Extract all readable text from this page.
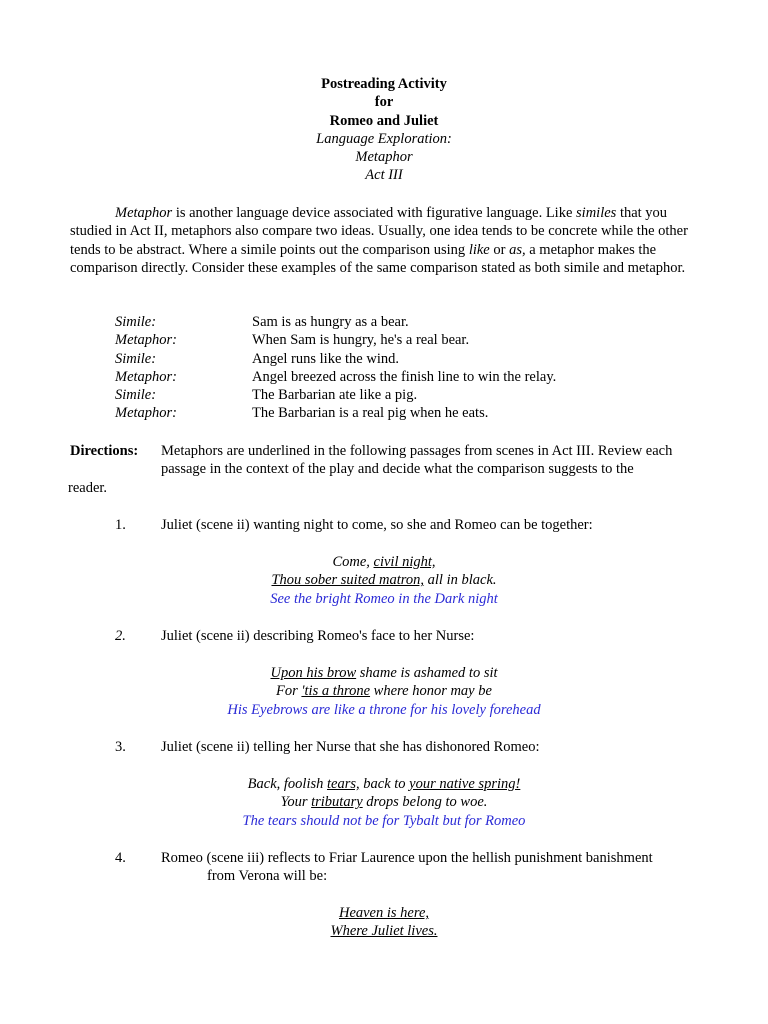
Postreading Activity
for
Romeo and Juliet
Language Exploration:
Metaphor
Act III

Metaphor is another language device associated with figurative language. Like similes that you studied in Act II, metaphors also compare two ideas. Usually, one idea tends to be concrete while the other tends to be abstract. Where a simile points out the comparison using like or as, a metaphor makes the comparison directly. Consider these examples of the same comparison stated as both simile and metaphor.

Simile:	Sam is as hungry as a bear.
Metaphor:	When Sam is hungry, he's a real bear.
Simile:	Angel runs like the wind.
Metaphor:	Angel breezed across the finish line to win the relay.
Simile:	The Barbarian ate like a pig.
Metaphor:	The Barbarian is a real pig when he eats.
Directions:	Metaphors are underlined in the following passages from scenes in Act III. Review each
passage in the context of the play and decide what the comparison suggests to the
reader.
1. Juliet (scene ii) wanting night to come, so she and Romeo can be together:
Come, civil night,
Thou sober suited matron, all in black.
See the bright Romeo in the Dark night
2. Juliet (scene ii) describing Romeo's face to her Nurse:
Upon his brow shame is ashamed to sit
For 'tis a throne where honor may be
His Eyebrows are like a throne for his lovely forehead
3. Juliet (scene ii) telling her Nurse that she has dishonored Romeo:
Back, foolish tears, back to your native spring!
Your tributary drops belong to woe.
The tears should not be for Tybalt but for Romeo
4. Romeo (scene iii) reflects to Friar Laurence upon the hellish punishment banishment
from Verona will be:
Heaven is here,
Where Juliet lives.
